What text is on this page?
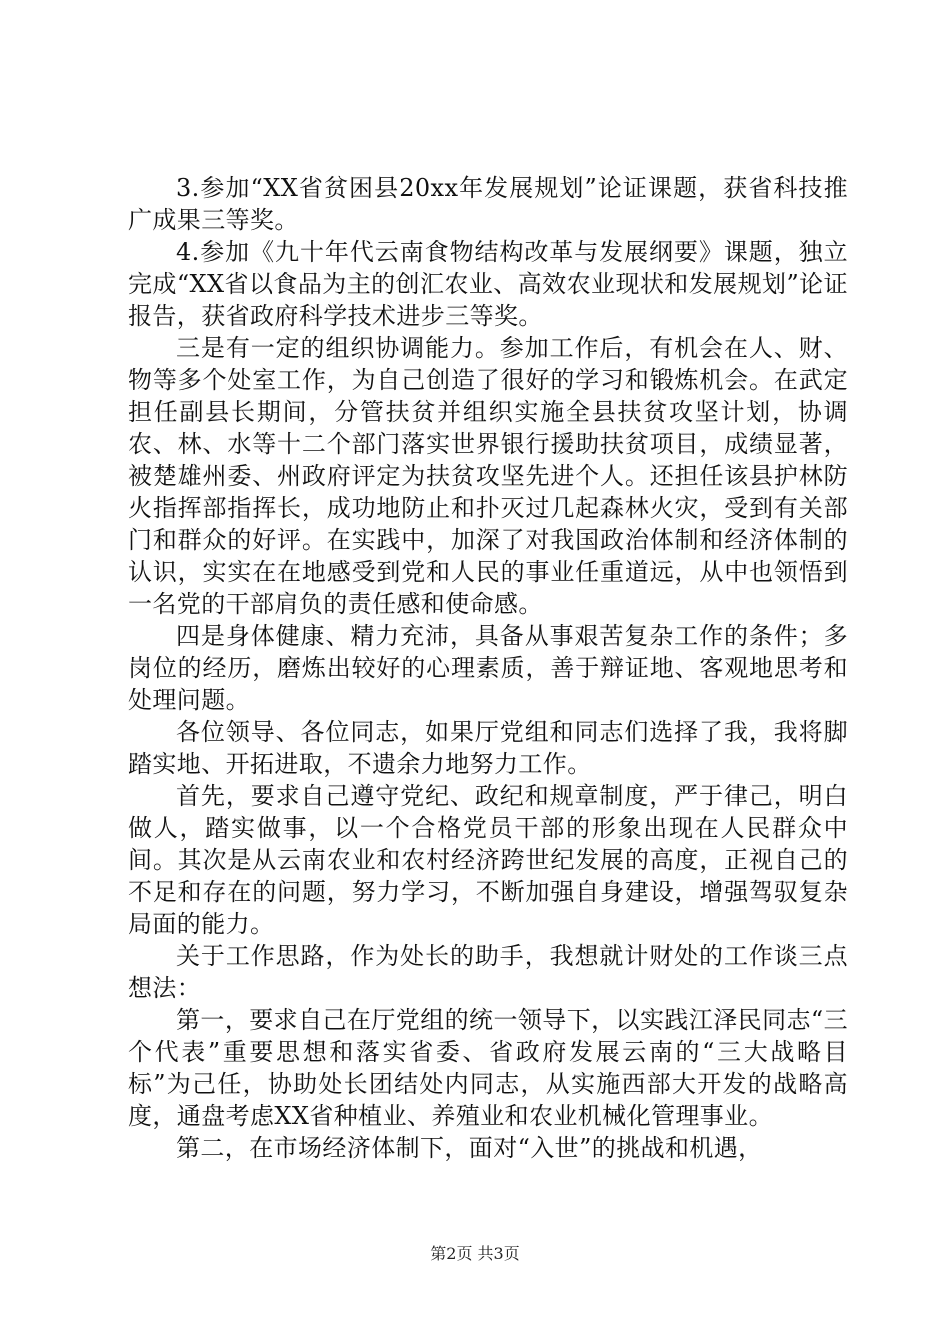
3.参加“XX省贫困县20xx年发展规划”论证课题，获省科技推广成果三等奖。

4.参加《九十年代云南食物结构改革与发展纲要》课题，独立完成“XX省以食品为主的创汇农业、高效农业现状和发展规划”论证报告，获省政府科学技术进步三等奖。

三是有一定的组织协调能力。参加工作后，有机会在人、财、物等多个处室工作，为自己创造了很好的学习和锻炼机会。在武定担任副县长期间，分管扶贫并组织实施全县扶贫攻坚计划，协调农、林、水等十二个部门落实世界银行援助扶贫项目，成绩显著，被楚雄州委、州政府评定为扶贫攻坚先进个人。还担任该县护林防火指挥部指挥长，成功地防止和扑灭过几起森林火灾，受到有关部门和群众的好评。在实践中，加深了对我国政治体制和经济体制的认识，实实在在地感受到党和人民的事业任重道远，从中也领悟到一名党的干部肩负的责任感和使命感。

四是身体健康、精力充沛，具备从事艰苦复杂工作的条件；多岗位的经历，磨炼出较好的心理素质，善于辩证地、客观地思考和处理问题。

各位领导、各位同志，如果厅党组和同志们选择了我，我将脚踏实地、开拓进取，不遗余力地努力工作。

首先，要求自己遵守党纪、政纪和规章制度，严于律己，明白做人，踏实做事，以一个合格党员干部的形象出现在人民群众中间。其次是从云南农业和农村经济跨世纪发展的高度，正视自己的不足和存在的问题，努力学习，不断加强自身建设，增强驾驭复杂局面的能力。

关于工作思路，作为处长的助手，我想就计财处的工作谈三点想法：

第一，要求自己在厅党组的统一领导下，以实践江泽民同志“三个代表”重要思想和落实省委、省政府发展云南的“三大战略目标”为己任，协助处长团结处内同志，从实施西部大开发的战略高度，通盘考虑XX省种植业、养殖业和农业机械化管理事业。

第二，在市场经济体制下，面对“入世”的挑战和机遇，

第2页 共3页
